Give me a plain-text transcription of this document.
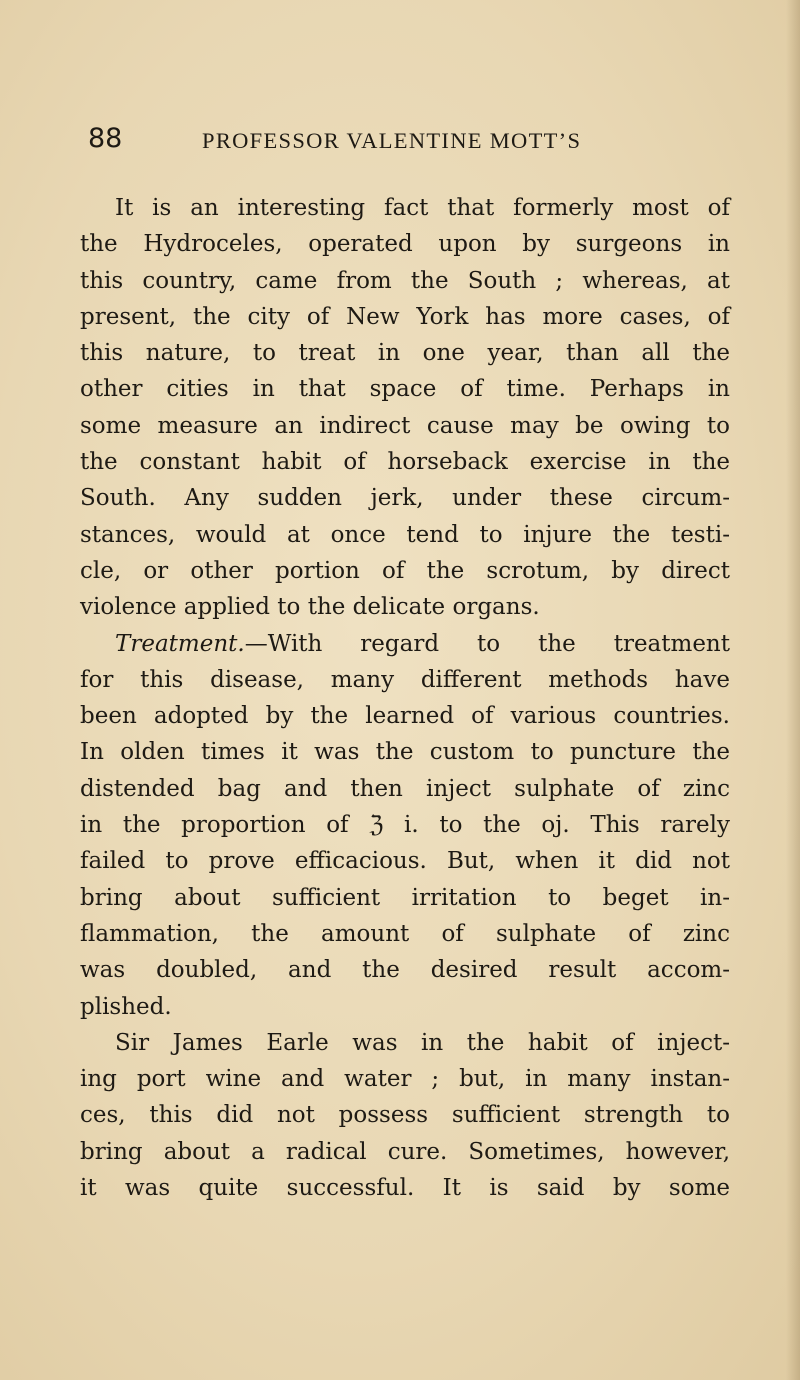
88	PROFESSOR VALENTINE MOTT’S
It is an interesting fact that formerly most of
the Hydroceles, operated upon by surgeons in
this country, came from the South ; whereas, at
present, the city of New York has more cases, of
this nature, to treat in one year, than all the
other cities in that space of time. Perhaps in
some measure an indirect cause may be owing to
the constant habit of horseback exercise in the
South. Any sudden jerk, under these circum-
stances, would at once tend to injure the testi-
cle, or other portion of the scrotum, by direct
violence applied to the delicate organs.
Treatment.—With regard to the treatment
for this disease, many different methods have
been adopted by the learned of various countries.
In olden times it was the custom to puncture the
distended bag and then inject sulphate of zinc
in the proportion of ℨ i. to the oj. This rarely
failed to prove efficacious. But, when it did not
bring about sufficient irritation to beget in-
flammation, the amount of sulphate of zinc
was doubled, and the desired result accom-
plished.
Sir James Earle was in the habit of inject-
ing port wine and water ; but, in many instan-
ces, this did not possess sufficient strength to
bring about a radical cure. Sometimes, however,
it was quite successful. It is said by some
